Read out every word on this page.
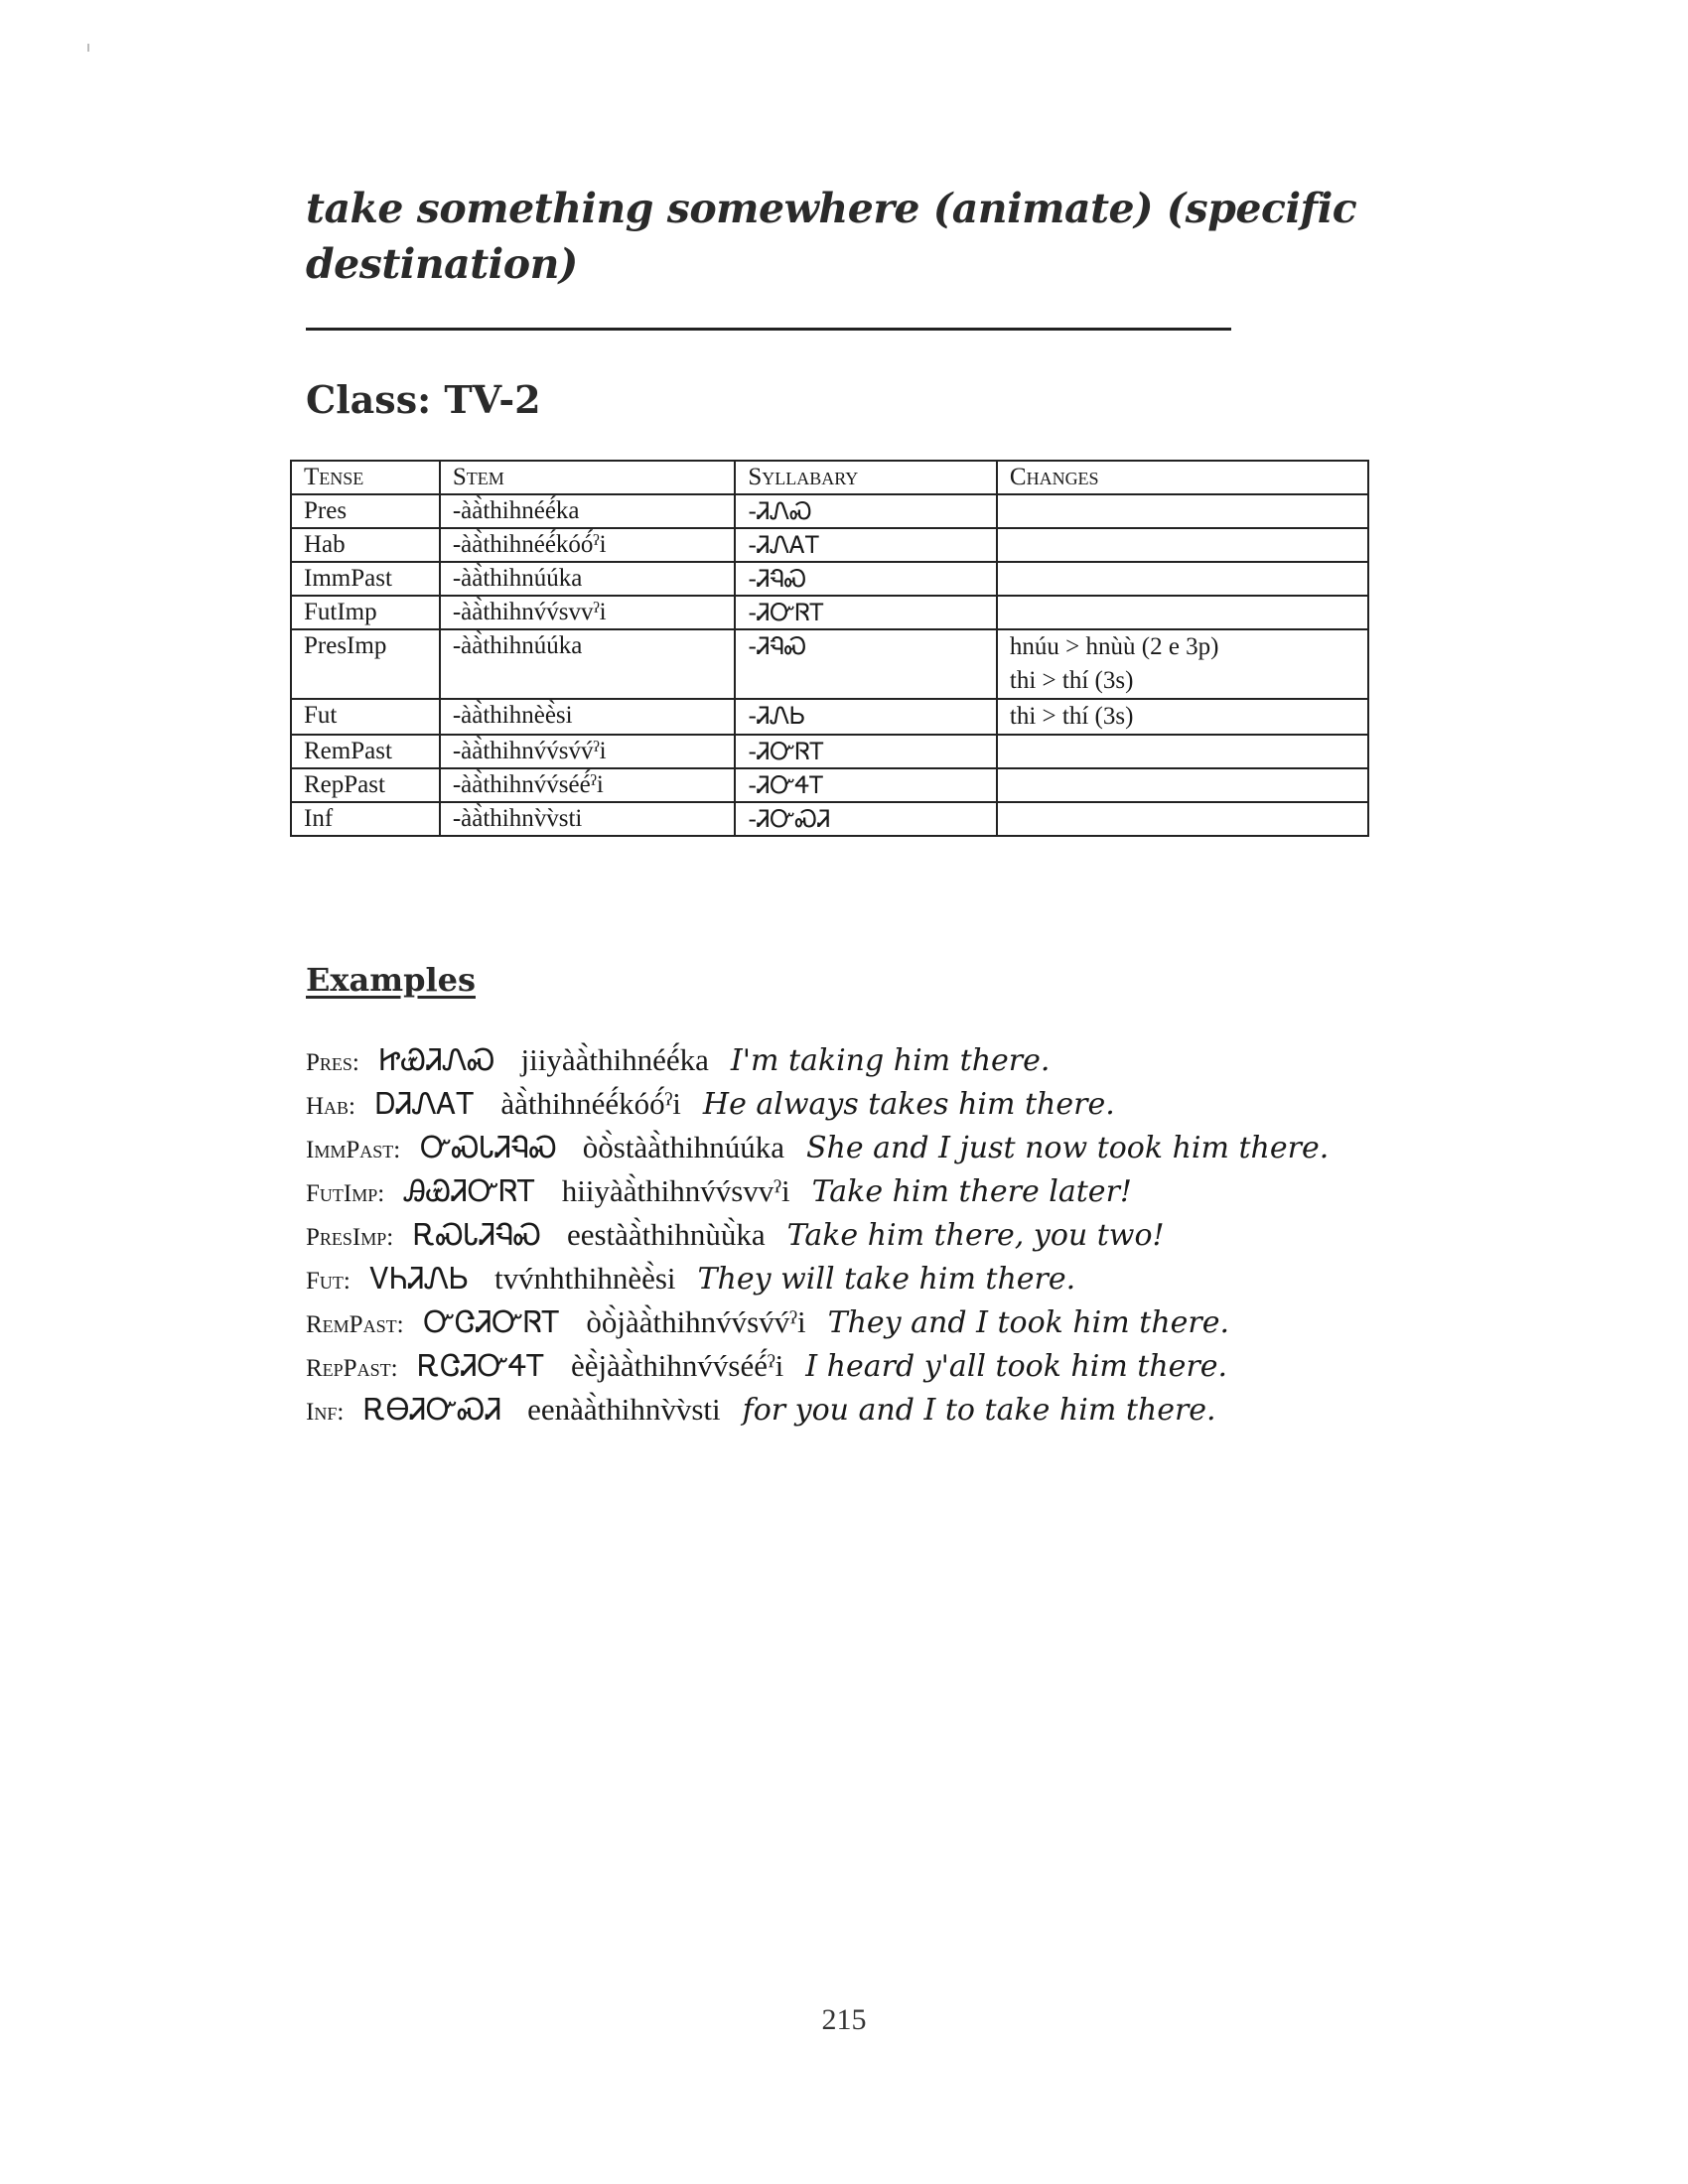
take something somewhere (animate) (specific destination)
Class: TV-2
Tense	Stem	Syllabary	Changes
Pres	-àà̀thihnéé́ka	-ᏘᏁᏍ	
Hab	-àà̀thihnéé́kóó́ˀi	-ᏘᏁᎪᎢ	
ImmPast	-àà̀thihnúúka	-ᏘᏄᏍ	
FutImp	-àà̀thihnv́v́svvˀi	-ᏘᏅᏒᎢ	
PresImp	-àà̀thihnúúka	-ᏘᏄᏍ	hnúu > hnùù (2 e 3p)
thi > thí (3s)

Fut	-àà̀thihnèè̀si	-ᏘᏁᏏ	thi > thí (3s)

RemPast	-àà̀thihnv́v́sv́v́ˀi	-ᏘᏅᏒᎢ	
RepPast	-àà̀thihnv́v́séé́ˀi	-ᏘᏅᏎᎢ	
Inf	-àà̀thihnv̀v̀sti	-ᏘᏅᏍᏘ	
Examples
Pres: ᏥᏯᏘᏁᏍ jiiyàà̀thihnéé́ka I'm taking him there.
Hab: ᎠᏘᏁᎪᎢ àà̀thihnéé́kóó́ˀi He always takes him there.
ImmPast: ᏅᏍᏓᏘᏄᏍ òò̀stàà̀thihnúúka She and I just now took him there.
FutImp: ᎯᏯᏘᏅᏒᎢ hiiyàà̀thihnv́v́svvˀi Take him there later!
PresImp: ᎡᏍᏓᏘᏄᏍ eestàà̀thihnùù̀ka Take him there, you two!
Fut: ᏙᏂᏘᏁᏏ tvv́nhthihnèè̀si They will take him there.
RemPast: ᏅᏣᏘᏅᏒᎢ òò̀jàà̀thihnv́v́sv́v́ˀi They and I took him there.
RepPast: ᎡᏣᏘᏅᏎᎢ èè̀jàà̀thihnv́v́séé́ˀi I heard y'all took him there.
Inf: ᎡᎾᏘᏅᏍᏘ eenàà̀thihnv̀v̀sti for you and I to take him there.
215
